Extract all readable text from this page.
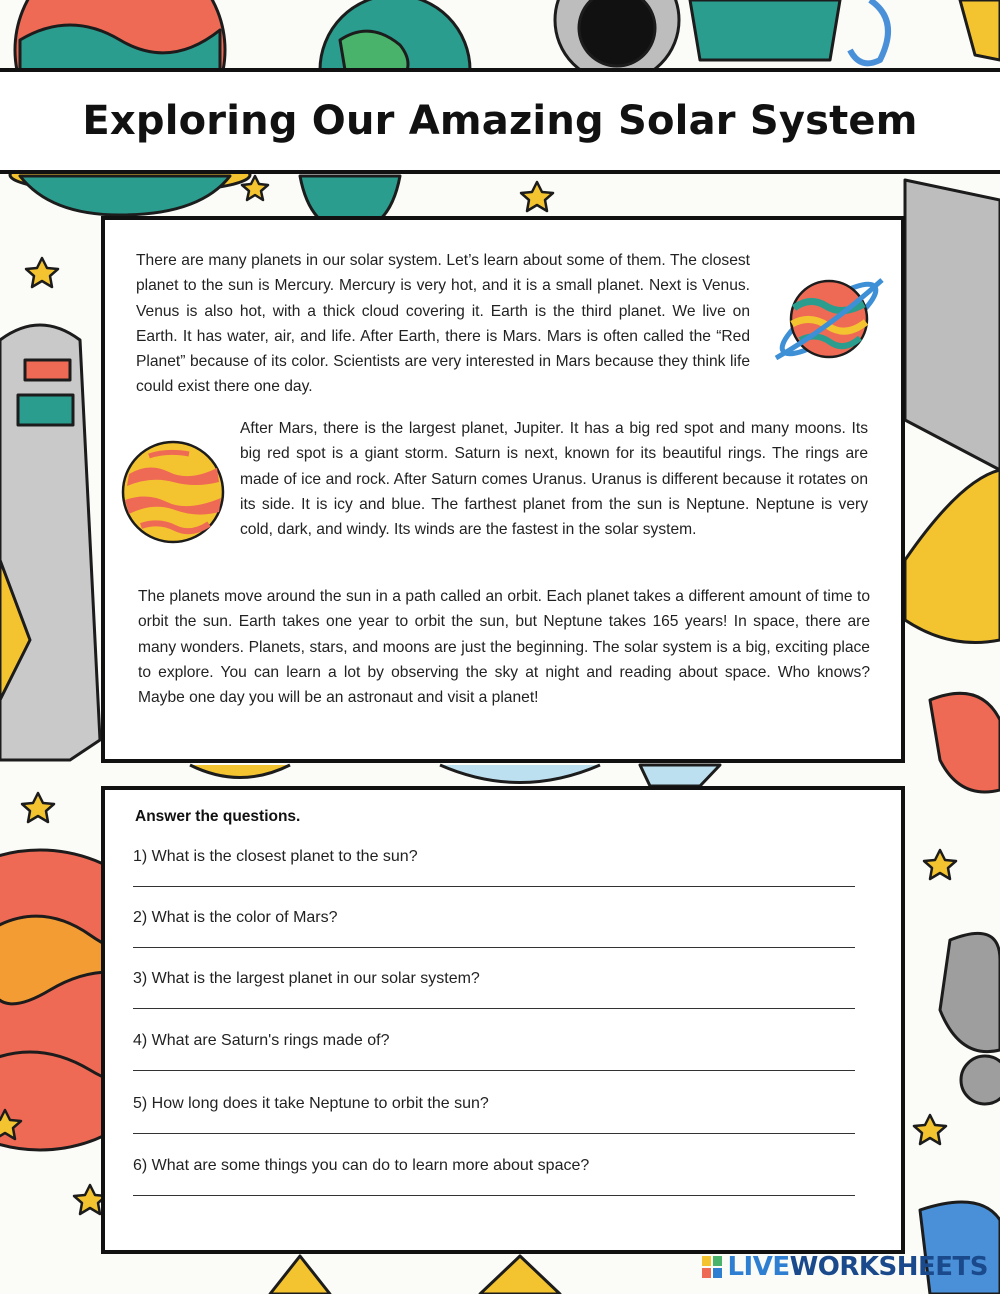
Exploring Our Amazing Solar System

There are many planets in our solar system. Let’s learn about some of them. The closest planet to the sun is Mercury. Mercury is very hot, and it is a small planet. Next is Venus. Venus is also hot, with a thick cloud covering it. Earth is the third planet. We live on Earth. It has water, air, and life. After Earth, there is Mars. Mars is often called the “Red Planet” because of its color. Scientists are very interested in Mars because they think life could exist there one day.

After Mars, there is the largest planet, Jupiter. It has a big red spot and many moons. Its big red spot is a giant storm. Saturn is next, known for its beautiful rings. The rings are made of ice and rock. After Saturn comes Uranus. Uranus is different because it rotates on its side. It is icy and blue. The farthest planet from the sun is Neptune. Neptune is very cold, dark, and windy. Its winds are the fastest in the solar system.

The planets move around the sun in a path called an orbit. Each planet takes a different amount of time to orbit the sun. Earth takes one year to orbit the sun, but Neptune takes 165 years! In space, there are many wonders. Planets, stars, and moons are just the beginning. The solar system is a big, exciting place to explore. You can learn a lot by observing the sky at night and reading about space. Who knows? Maybe one day you will be an astronaut and visit a planet!

Answer the questions.

1) What is the closest planet to the sun?
2) What is the color of Mars?
3) What is the largest planet in our solar system?
4) What are Saturn's rings made of?
5) How long does it take Neptune to orbit the sun?
6) What are some things you can do to learn more about space?
LIVEWORKSHEETS
